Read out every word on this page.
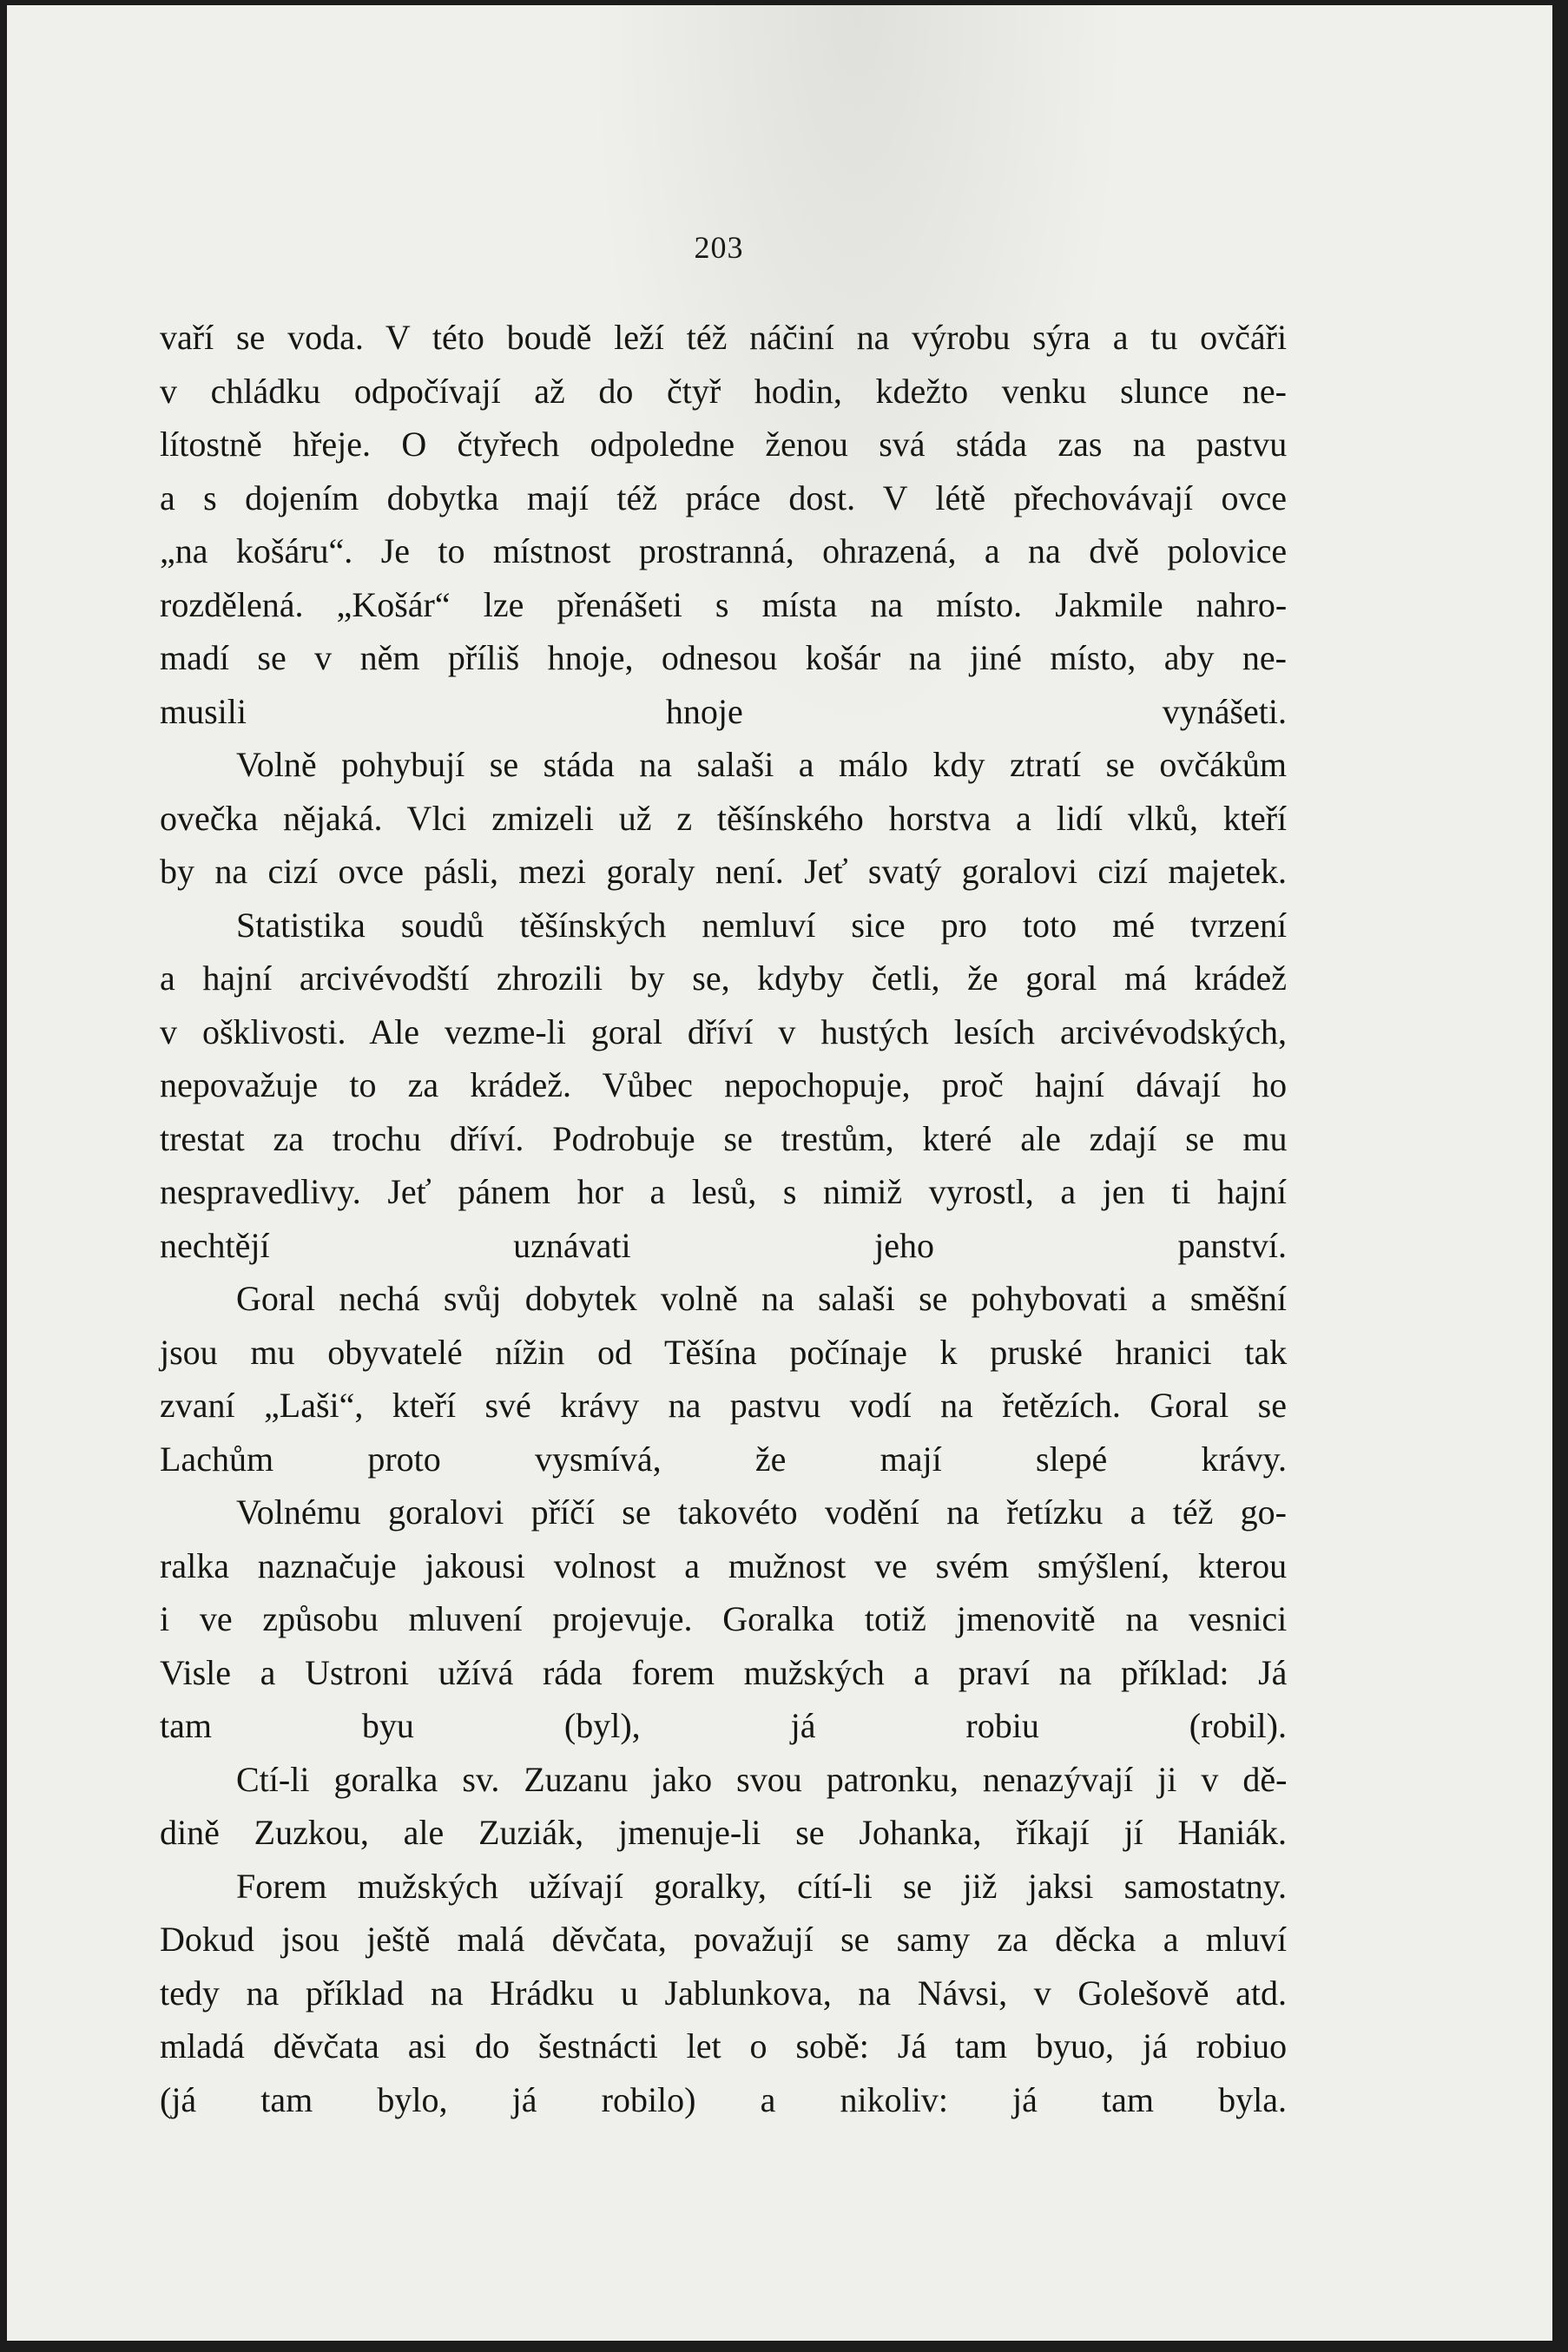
203

vaří se voda. V této boudě leží též náčiní na výrobu sýra a tu ovčáři
v chládku odpočívají až do čtyř hodin, kdežto venku slunce ne-
lítostně hřeje. O čtyřech odpoledne ženou svá stáda zas na pastvu
a s dojením dobytka mají též práce dost. V létě přechovávají ovce
„na košáru“. Je to místnost prostranná, ohrazená, a na dvě polovice
rozdělená. „Košár“ lze přenášeti s místa na místo. Jakmile nahro-
madí se v něm příliš hnoje, odnesou košár na jiné místo, aby ne-
musili hnoje vynášeti.

Volně pohybují se stáda na salaši a málo kdy ztratí se ovčákům
ovečka nějaká. Vlci zmizeli už z těšínského horstva a lidí vlků, kteří
by na cizí ovce pásli, mezi goraly není. Jeť svatý goralovi cizí majetek.

Statistika soudů těšínských nemluví sice pro toto mé tvrzení
a hajní arcivévodští zhrozili by se, kdyby četli, že goral má krádež
v ošklivosti. Ale vezme-li goral dříví v hustých lesích arcivévodských,
nepovažuje to za krádež. Vůbec nepochopuje, proč hajní dávají ho
trestat za trochu dříví. Podrobuje se trestům, které ale zdají se mu
nespravedlivy. Jeť pánem hor a lesů, s nimiž vyrostl, a jen ti hajní
nechtějí uznávati jeho panství.

Goral nechá svůj dobytek volně na salaši se pohybovati a směšní
jsou mu obyvatelé nížin od Těšína počínaje k pruské hranici tak
zvaní „Laši“, kteří své krávy na pastvu vodí na řetězích. Goral se
Lachům proto vysmívá, že mají slepé krávy.

Volnému goralovi příčí se takovéto vodění na řetízku a též go-
ralka naznačuje jakousi volnost a mužnost ve svém smýšlení, kterou
i ve způsobu mluvení projevuje. Goralka totiž jmenovitě na vesnici
Visle a Ustroni užívá ráda forem mužských a praví na příklad: Já
tam byu (byl), já robiu (robil).

Ctí-li goralka sv. Zuzanu jako svou patronku, nenazývají ji v dě-
dině Zuzkou, ale Zuziák, jmenuje-li se Johanka, říkají jí Haniák.

Forem mužských užívají goralky, cítí-li se již jaksi samostatny.
Dokud jsou ještě malá děvčata, považují se samy za děcka a mluví
tedy na příklad na Hrádku u Jablunkova, na Návsi, v Golešově atd.
mladá děvčata asi do šestnácti let o sobě: Já tam byuo, já robiuo
(já tam bylo, já robilo) a nikoliv: já tam byla.
